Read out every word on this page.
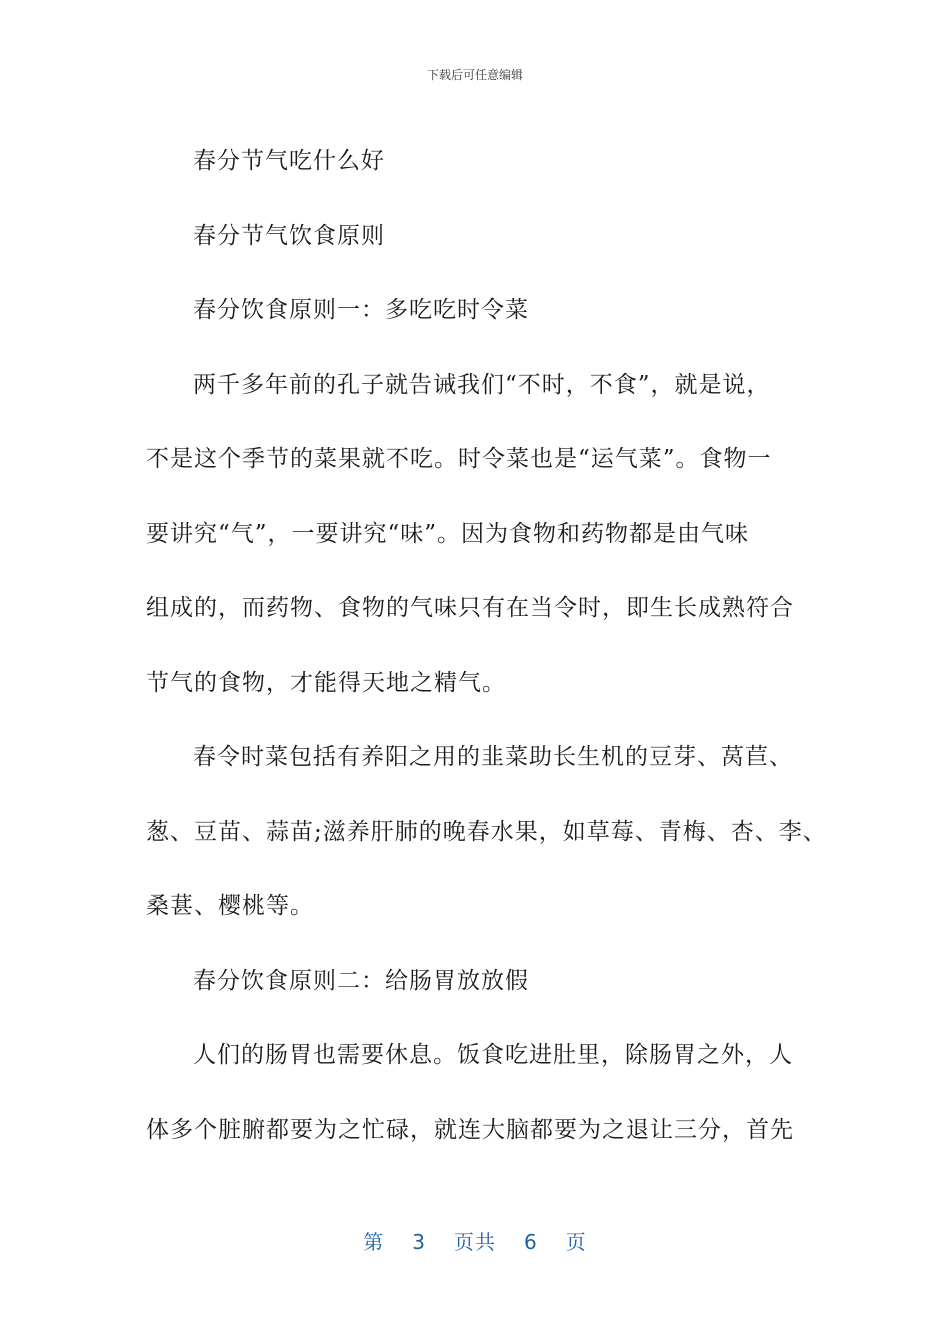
下载后可任意编辑
春分节气吃什么好
春分节气饮食原则
春分饮食原则一：多吃吃时令菜
两千多年前的孔子就告诫我们“不时，不食”，就是说，
不是这个季节的菜果就不吃。时令菜也是“运气菜”。食物一
要讲究“气”，一要讲究“味”。因为食物和药物都是由气味
组成的，而药物、食物的气味只有在当令时，即生长成熟符合
节气的食物，才能得天地之精气。
春令时菜包括有养阳之用的韭菜助长生机的豆芽、莴苣、
葱、豆苗、蒜苗;滋养肝肺的晚春水果，如草莓、青梅、杏、李、
桑葚、樱桃等。
春分饮食原则二：给肠胃放放假
人们的肠胃也需要休息。饭食吃进肚里，除肠胃之外，人
体多个脏腑都要为之忙碌，就连大脑都要为之退让三分，首先
第 3 页共 6 页
